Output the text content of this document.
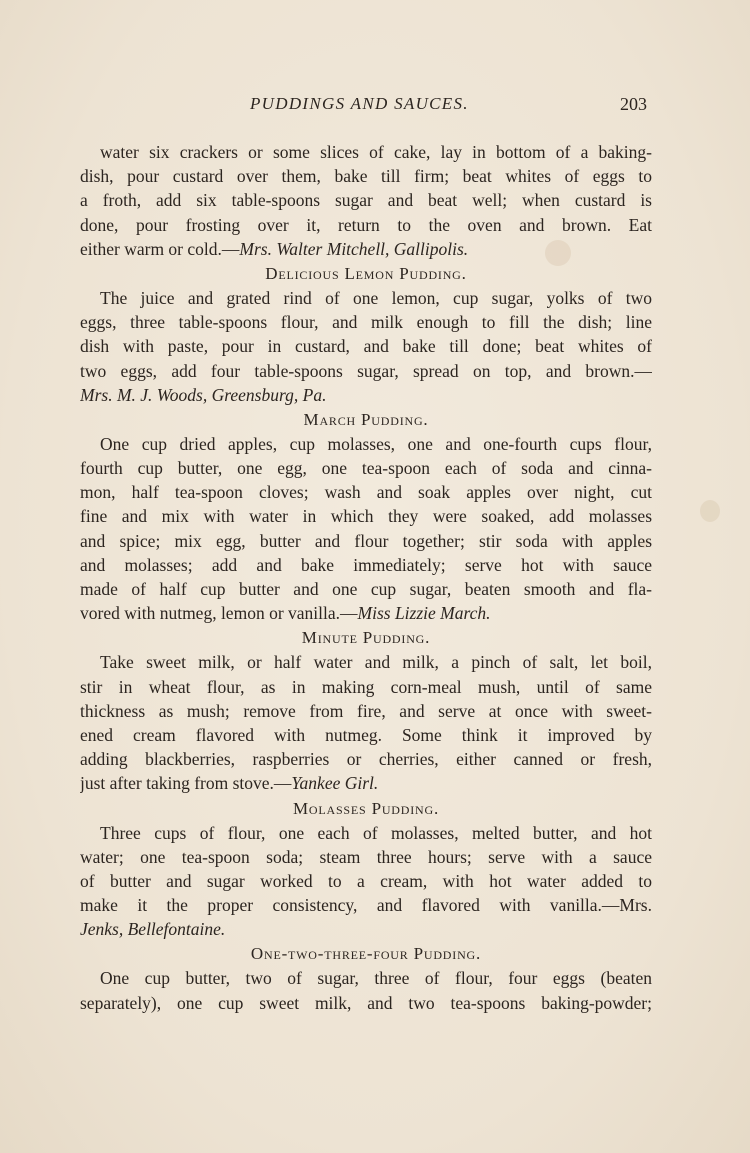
PUDDINGS AND SAUCES.	203
water six crackers or some slices of cake, lay in bottom of a baking-
dish, pour custard over them, bake till firm; beat whites of eggs to
a froth, add six table-spoons sugar and beat well; when custard is
done, pour frosting over it, return to the oven and brown. Eat
either warm or cold.—Mrs. Walter Mitchell, Gallipolis.
Delicious Lemon Pudding.
The juice and grated rind of one lemon, cup sugar, yolks of two
eggs, three table-spoons flour, and milk enough to fill the dish; line
dish with paste, pour in custard, and bake till done; beat whites of
two eggs, add four table-spoons sugar, spread on top, and brown.—
Mrs. M. J. Woods, Greensburg, Pa.
March Pudding.
One cup dried apples, cup molasses, one and one-fourth cups flour,
fourth cup butter, one egg, one tea-spoon each of soda and cinna-
mon, half tea-spoon cloves; wash and soak apples over night, cut
fine and mix with water in which they were soaked, add molasses
and spice; mix egg, butter and flour together; stir soda with apples
and molasses; add and bake immediately; serve hot with sauce
made of half cup butter and one cup sugar, beaten smooth and fla-
vored with nutmeg, lemon or vanilla.—Miss Lizzie March.
Minute Pudding.
Take sweet milk, or half water and milk, a pinch of salt, let boil,
stir in wheat flour, as in making corn-meal mush, until of same
thickness as mush; remove from fire, and serve at once with sweet-
ened cream flavored with nutmeg. Some think it improved by
adding blackberries, raspberries or cherries, either canned or fresh,
just after taking from stove.—Yankee Girl.
Molasses Pudding.
Three cups of flour, one each of molasses, melted butter, and hot
water; one tea-spoon soda; steam three hours; serve with a sauce
of butter and sugar worked to a cream, with hot water added to
make it the proper consistency, and flavored with vanilla.—Mrs.
Jenks, Bellefontaine.
One-two-three-four Pudding.
One cup butter, two of sugar, three of flour, four eggs (beaten
separately), one cup sweet milk, and two tea-spoons baking-powder;
